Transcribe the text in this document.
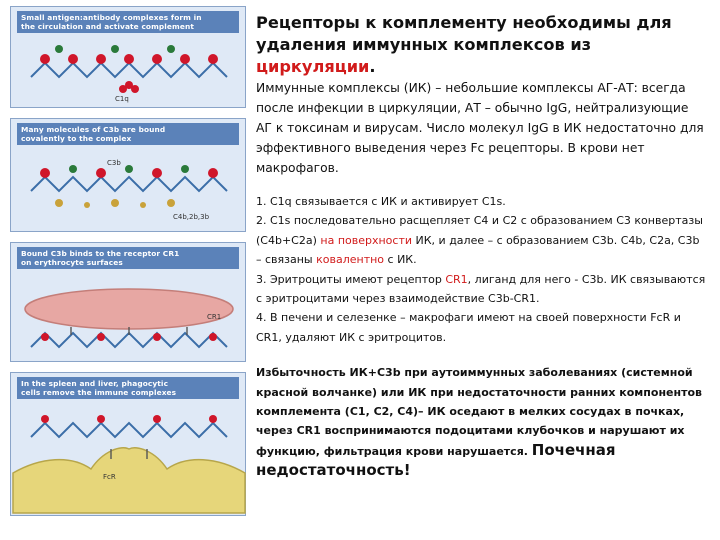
Small antigen:antibody complexes form in
the circulation and activate complement
C1q
Many molecules of C3b are bound
covalently to the complex
C3b
C4b,2b,3b
Bound C3b binds to the receptor CR1
on erythrocyte surfaces
CR1
In the spleen and liver, phagocytic
cells remove the immune complexes
FcR

Рецепторы к комплементу необходимы для удаления иммунных комплексов из циркуляции.

Иммунные комплексы (ИК) – небольшие комплексы АГ-АТ: всегда после инфекции в циркуляции, АТ – обычно IgG, нейтрализующие АГ к токсинам и вирусам. Число молекул IgG в ИК недостаточно для эффективного выведения через Fc рецепторы. В крови нет макрофагов.

1. C1q связывается с ИК и активирует С1s.
2. C1s последовательно расщепляет С4 и С2 с образованием С3 конвертазы (С4b+С2a) на поверхности ИК, и далее – с образованием С3b. C4b, C2a, C3b – связаны ковалентно с ИК.
3. Эритроциты имеют рецептор CR1, лиганд для него - C3b. ИК связываются с эритроцитами через взаимодействие С3b-CR1.
4. В печени и селезенке – макрофаги имеют на своей поверхности FcR и CR1, удаляют ИК с эритроцитов.

Избыточность ИК+С3b при аутоиммунных заболеваниях (системной красной волчанке) или ИК при недостаточности ранних компонентов комплемента (С1, С2, С4)– ИК оседают в мелких сосудах в почках, через CR1 воспринимаются подоцитами клубочков и нарушают их функцию, фильтрация крови нарушается. Почечная недостаточность!
